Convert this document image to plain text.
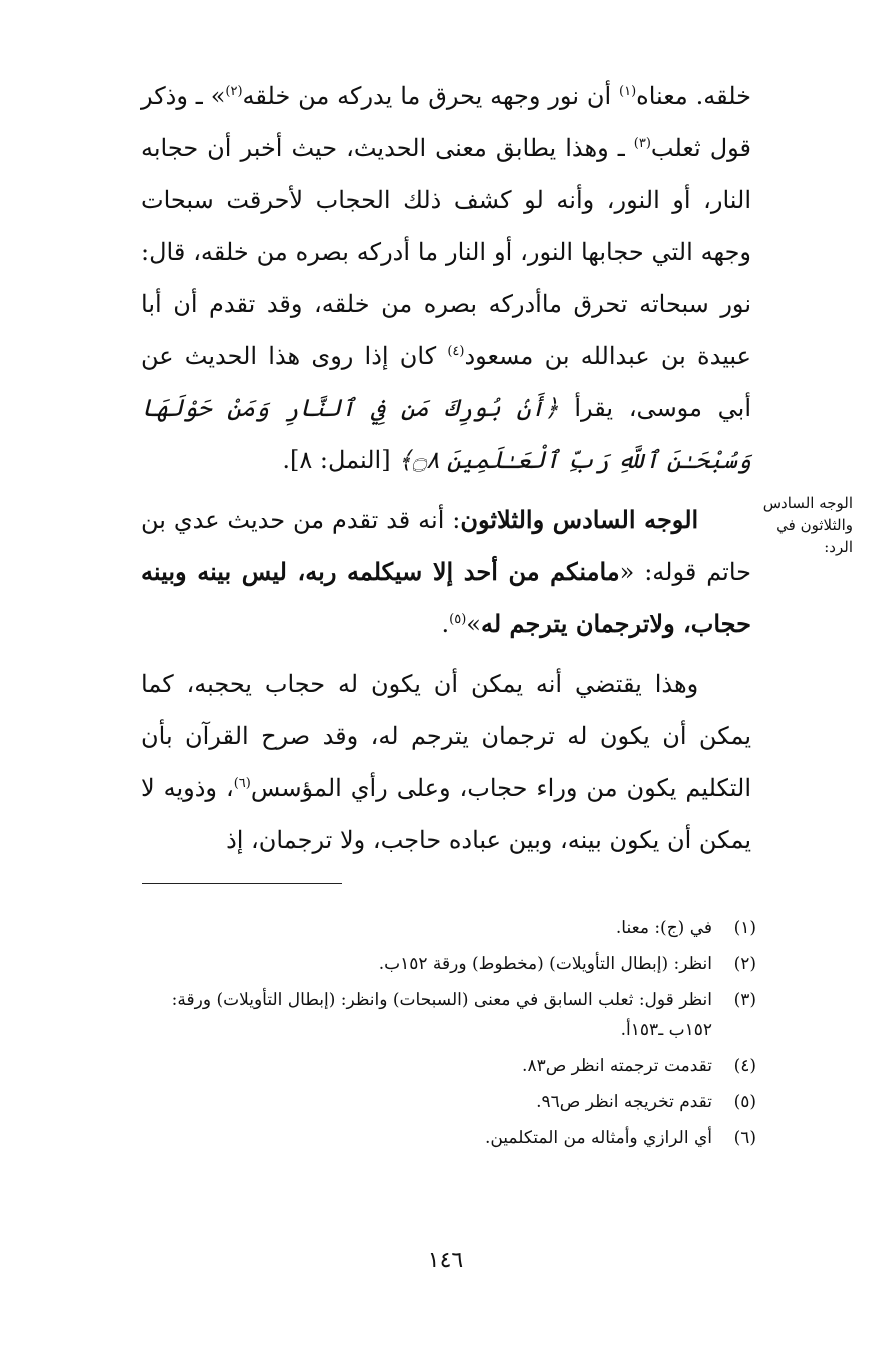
خلقه. معناه$^{(١)}$ أن نور وجهه يحرق ما يدركه من خلقه$^{(٢)}$» ـ وذكر قول ثعلب$^{(٣)}$ ـ وهذا يطابق معنى الحديث، حيث أخبر أن حجابه النار، أو النور، وأنه لو كشف ذلك الحجاب لأحرقت سبحات وجهه التي حجابها النور، أو النار ما أدركه بصره من خلقه، قال: نور سبحاته تحرق ماأدركه بصره من خلقه، وقد تقدم أن أبا عبيدة بن عبدالله بن مسعود$^{(٤)}$ كان إذا روى هذا الحديث عن أبي موسى، يقرأ ﴿أَنۢ بُورِكَ مَن فِي ٱلنَّارِ وَمَنْ حَوْلَهَا وَسُبْحَـٰنَ ٱللَّهِ رَبِّ ٱلْعَـٰلَمِينَ ۝٨﴾ [النمل: ٨].

الوجه السادس والثلاثون: أنه قد تقدم من حديث عدي بن حاتم قوله: «مامنكم من أحد إلا سيكلمه ربه، ليس بينه وبينه حجاب، ولاترجمان يترجم له»$^{(٥)}$.

وهذا يقتضي أنه يمكن أن يكون له حجاب يحجبه، كما يمكن أن يكون له ترجمان يترجم له، وقد صرح القرآن بأن التكليم يكون من وراء حجاب، وعلى رأي المؤسس$^{(٦)}$، وذويه لا يمكن أن يكون بينه، وبين عباده حاجب، ولا ترجمان، إذ

الوجه السادس والثلاثون في الرد:
(١)
في (ج): معنا.
(٢)
انظر: (إبطال التأويلات) (مخطوط) ورقة ١٥٢ب.
(٣)
انظر قول: ثعلب السابق في معنى (السبحات) وانظر: (إبطال التأويلات) ورقة: ١٥٢ب ـ١٥٣أ.
(٤)
تقدمت ترجمته انظر ص٨٣.
(٥)
تقدم تخريجه انظر ص٩٦.
(٦)
أي الرازي وأمثاله من المتكلمين.
١٤٦
